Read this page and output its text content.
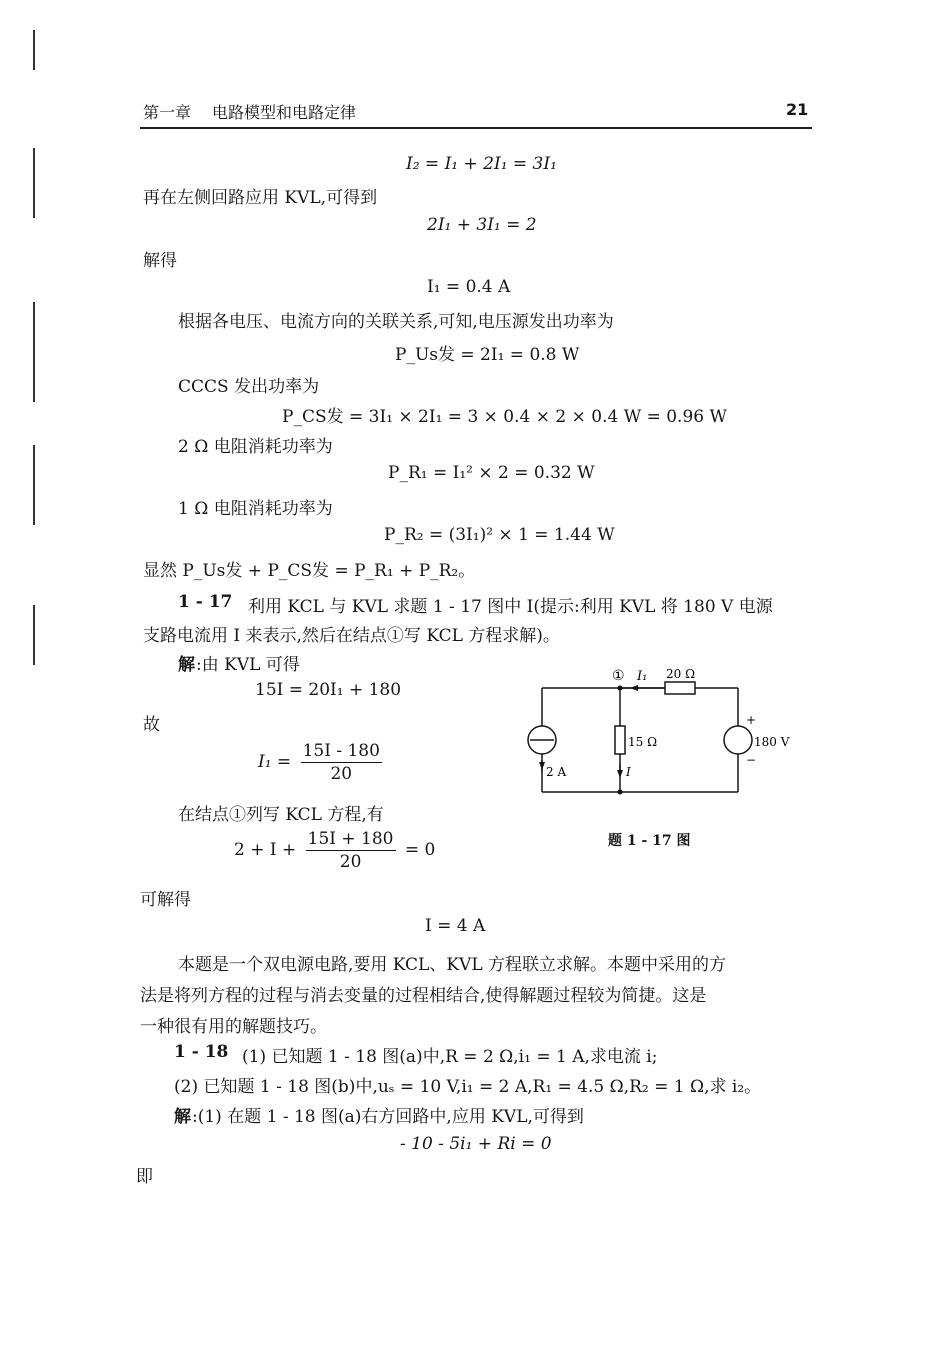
第一章 电路模型和电路定律	21
I₂ = I₁ + 2I₁ = 3I₁
再在左侧回路应用 KVL,可得到
2I₁ + 3I₁ = 2
解得
I₁ = 0.4 A
根据各电压、电流方向的关联关系,可知,电压源发出功率为
P_Us发 = 2I₁ = 0.8 W
CCCS 发出功率为
P_CS发 = 3I₁ × 2I₁ = 3 × 0.4 × 2 × 0.4 W = 0.96 W
2 Ω 电阻消耗功率为
P_R₁ = I₁² × 2 = 0.32 W
1 Ω 电阻消耗功率为
P_R₂ = (3I₁)² × 1 = 1.44 W
显然 P_Us发 + P_CS发 = P_R₁ + P_R₂。
1 - 17 利用 KCL 与 KVL 求题 1 - 17 图中 I(提示:利用 KVL 将 180 V 电源
支路电流用 I 来表示,然后在结点①写 KCL 方程求解)。
解 :由 KVL 可得
15I = 20I₁ + 180
故
$I_1 = \frac{15I - 180}{20}$
在结点①列写 KCL 方程,有
$2 + I + \frac{15I + 180}{20} = 0$
① I₁ 20 Ω
15 Ω
2 A	I
180 V
+
−
题 1 - 17 图
可解得
I = 4 A
本题是一个双电源电路,要用 KCL、KVL 方程联立求解。本题中采用的方
法是将列方程的过程与消去变量的过程相结合,使得解题过程较为简捷。这是
一种很有用的解题技巧。
1 - 18 (1) 已知题 1 - 18 图(a)中,R = 2 Ω,i₁ = 1 A,求电流 i;
(2) 已知题 1 - 18 图(b)中,uₛ = 10 V,i₁ = 2 A,R₁ = 4.5 Ω,R₂ = 1 Ω,求 i₂。
解 :(1) 在题 1 - 18 图(a)右方回路中,应用 KVL,可得到
- 10 - 5i₁ + Ri = 0
即
